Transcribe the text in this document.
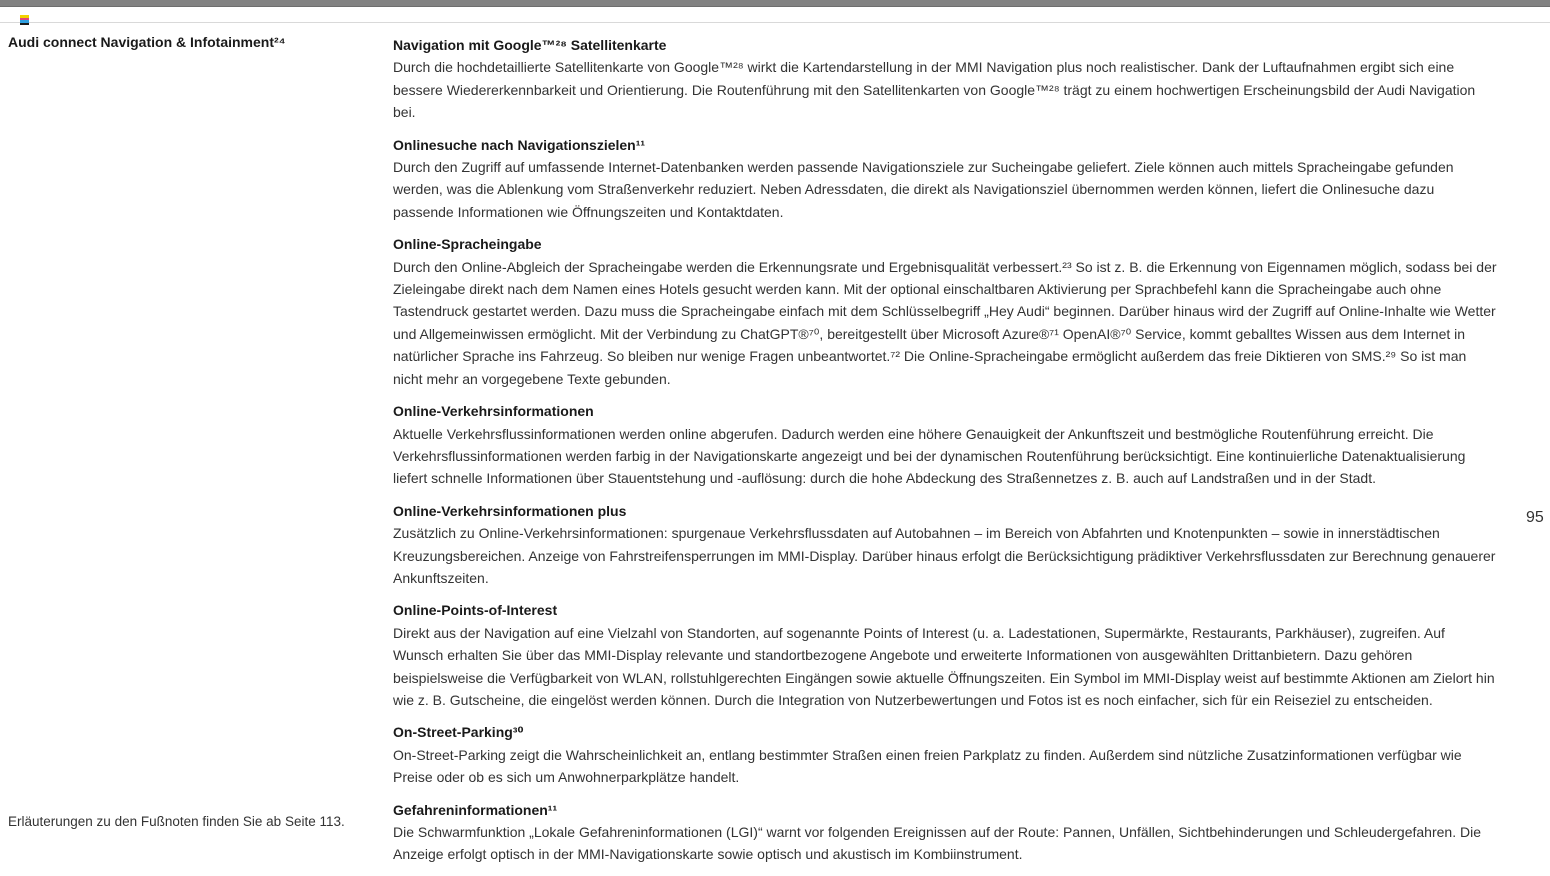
Audi connect Navigation & Infotainment²⁴	Navigation mit Google™²⁸ Satellitenkarte

Durch die hochdetaillierte Satellitenkarte von Google™²⁸ wirkt die Kartendarstellung in der MMI Navigation plus noch realistischer. Dank der Luftaufnahmen ergibt sich eine bessere Wiedererkennbarkeit und Orientierung. Die Routenführung mit den Satellitenkarten von Google™²⁸ trägt zu einem hochwertigen Erscheinungsbild der Audi Navigation bei.

Onlinesuche nach Navigationszielen¹¹

Durch den Zugriff auf umfassende Internet-Datenbanken werden passende Navigationsziele zur Sucheingabe geliefert. Ziele können auch mittels Spracheingabe gefunden werden, was die Ablenkung vom Straßenverkehr reduziert. Neben Adressdaten, die direkt als Navigationsziel übernommen werden können, liefert die Onlinesuche dazu passende Informationen wie Öffnungszeiten und Kontaktdaten.

Online-Spracheingabe

Durch den Online-Abgleich der Spracheingabe werden die Erkennungsrate und Ergebnisqualität verbessert.²³ So ist z. B. die Erkennung von Eigennamen möglich, sodass bei der Zieleingabe direkt nach dem Namen eines Hotels gesucht werden kann. Mit der optional einschaltbaren Aktivierung per Sprachbefehl kann die Spracheingabe auch ohne Tastendruck gestartet werden. Dazu muss die Spracheingabe einfach mit dem Schlüsselbegriff „Hey Audi“ beginnen. Darüber hinaus wird der Zugriff auf Online-Inhalte wie Wetter und Allgemeinwissen ermöglicht. Mit der Verbindung zu ChatGPT®⁷⁰, bereitgestellt über Microsoft Azure®⁷¹ OpenAI®⁷⁰ Service, kommt geballtes Wissen aus dem Internet in natürlicher Sprache ins Fahrzeug. So bleiben nur wenige Fragen unbeantwortet.⁷² Die Online-Spracheingabe ermöglicht außerdem das freie Diktieren von SMS.²⁹ So ist man nicht mehr an vorgegebene Texte gebunden.

Online-Verkehrsinformationen

Aktuelle Verkehrsflussinformationen werden online abgerufen. Dadurch werden eine höhere Genauigkeit der Ankunftszeit und bestmögliche Routenführung erreicht. Die Verkehrsflussinformationen werden farbig in der Navigationskarte angezeigt und bei der dynamischen Routenführung berücksichtigt. Eine kontinuierliche Datenaktualisierung liefert schnelle Informationen über Stauentstehung und -auflösung: durch die hohe Abdeckung des Straßennetzes z. B. auch auf Landstraßen und in der Stadt.

Online-Verkehrsinformationen plus

Zusätzlich zu Online-Verkehrsinformationen: spurgenaue Verkehrsflussdaten auf Autobahnen – im Bereich von Abfahrten und Knotenpunkten – sowie in innerstädtischen Kreuzungsbereichen. Anzeige von Fahrstreifensperrungen im MMI-Display. Darüber hinaus erfolgt die Berücksichtigung prädiktiver Verkehrsflussdaten zur Berechnung genauerer Ankunftszeiten.

Online-Points-of-Interest

Direkt aus der Navigation auf eine Vielzahl von Standorten, auf sogenannte Points of Interest (u. a. Ladestationen, Supermärkte, Restaurants, Parkhäuser), zugreifen. Auf Wunsch erhalten Sie über das MMI-Display relevante und standortbezogene Angebote und erweiterte Informationen von ausgewählten Drittanbietern. Dazu gehören beispielsweise die Verfügbarkeit von WLAN, rollstuhlgerechten Eingängen sowie aktuelle Öffnungszeiten. Ein Symbol im MMI-Display weist auf bestimmte Aktionen am Zielort hin wie z. B. Gutscheine, die eingelöst werden können. Durch die Integration von Nutzerbewertungen und Fotos ist es noch einfacher, sich für ein Reiseziel zu entscheiden.

On-Street-Parking³⁰

On-Street-Parking zeigt die Wahrscheinlichkeit an, entlang bestimmter Straßen einen freien Parkplatz zu finden. Außerdem sind nützliche Zusatzinformationen verfügbar wie Preise oder ob es sich um Anwohnerparkplätze handelt.

Gefahreninformationen¹¹

Die Schwarmfunktion „Lokale Gefahreninformationen (LGI)“ warnt vor folgenden Ereignissen auf der Route: Pannen, Unfällen, Sichtbehinderungen und Schleudergefahren. Die Anzeige erfolgt optisch in der MMI-Navigationskarte sowie optisch und akustisch im Kombiinstrument.

95
Erläuterungen zu den Fußnoten finden Sie ab Seite 113.
